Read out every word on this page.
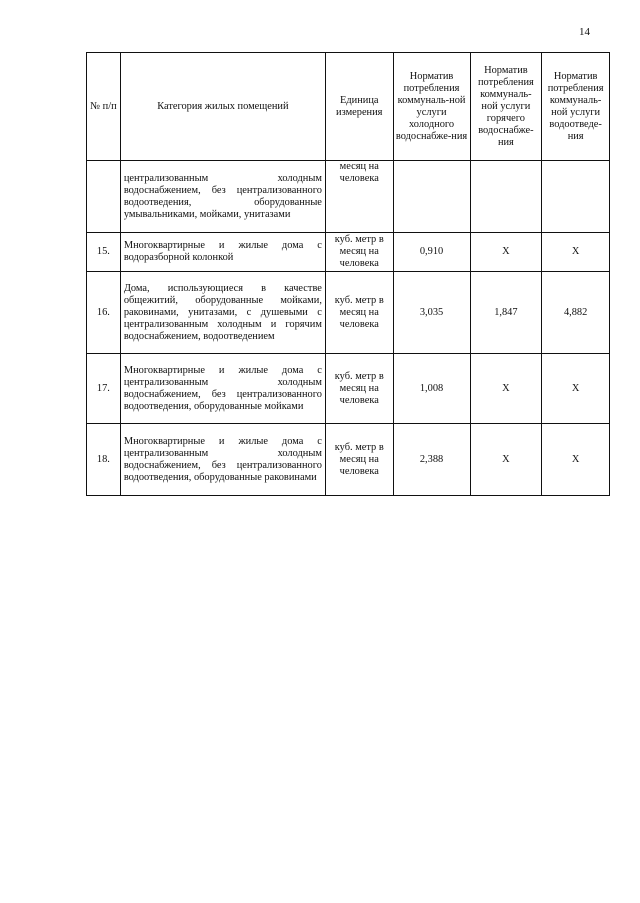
14
№ п/п	Категория жилых помещений	Единица измерения	Норматив потребления коммуналь-ной услуги холодного водоснабже-ния	Норматив потребления коммуналь-ной услуги горячего водоснабже-ния	Норматив потребления коммуналь-ной услуги водоотведе-ния
	централизованным холодным водоснабжением, без централизованного водоотведения, оборудованные умывальниками, мойками, унитазами	месяц на человека			
15.	Многоквартирные и жилые дома с водоразборной колонкой	куб. метр в месяц на человека	0,910	Х	Х
16.	Дома, использующиеся в качестве общежитий, оборудованные мойками, раковинами, унитазами, с душевыми с централизованным холодным и горячим водоснабжением, водоотведением	куб. метр в месяц на человека	3,035	1,847	4,882
17.	Многоквартирные и жилые дома с централизованным холодным водоснабжением, без централизованного водоотведения, оборудованные мойками	куб. метр в месяц на человека	1,008	Х	Х
18.	Многоквартирные и жилые дома с централизованным холодным водоснабжением, без централизованного водоотведения, оборудованные раковинами	куб. метр в месяц на человека	2,388	Х	Х
